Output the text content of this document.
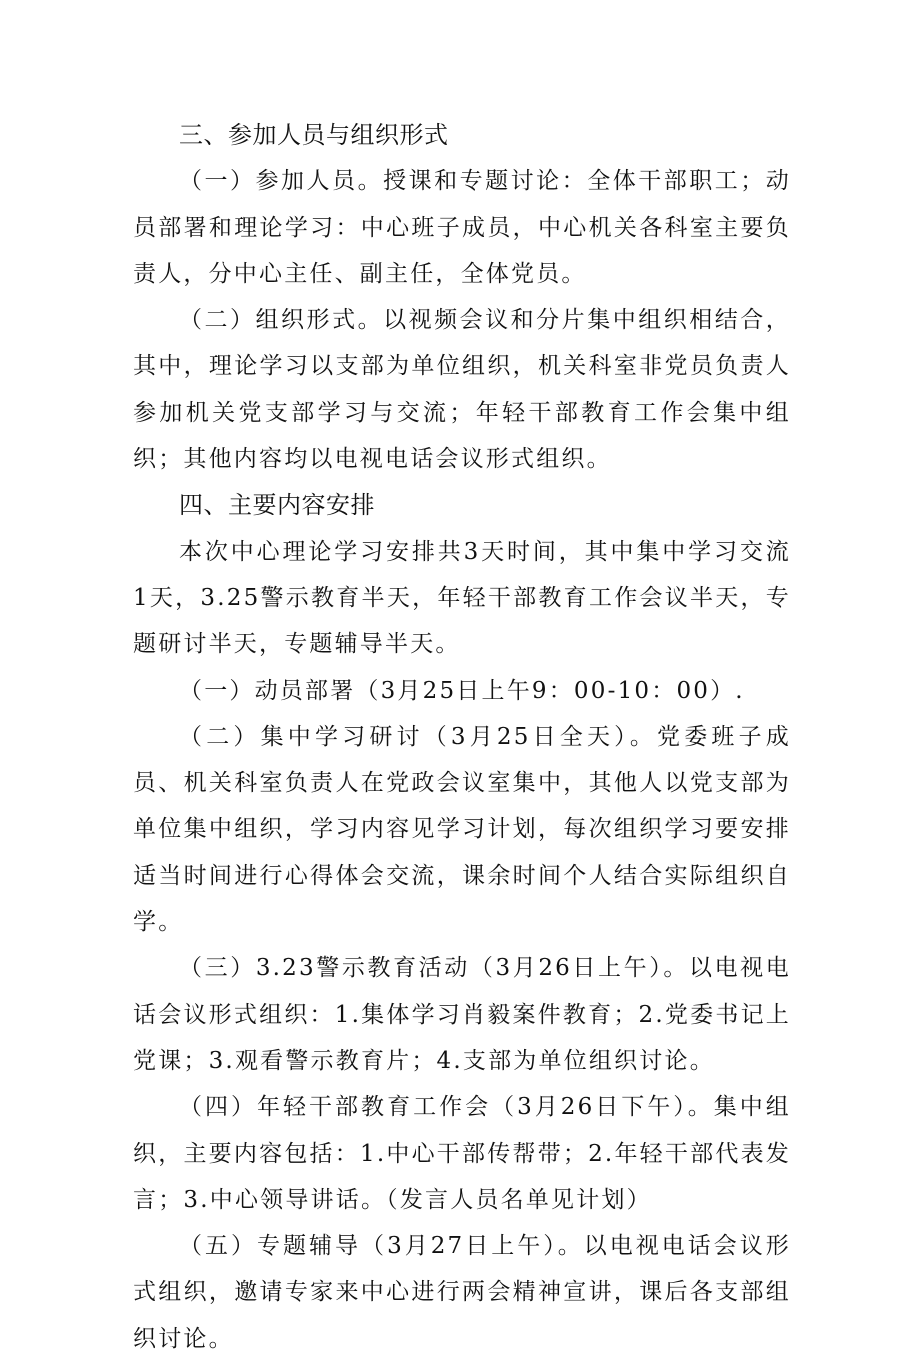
三、参加人员与组织形式

（一）参加人员。授课和专题讨论：全体干部职工；动员部署和理论学习：中心班子成员，中心机关各科室主要负责人，分中心主任、副主任，全体党员。

（二）组织形式。以视频会议和分片集中组织相结合，其中，理论学习以支部为单位组织，机关科室非党员负责人参加机关党支部学习与交流；年轻干部教育工作会集中组织；其他内容均以电视电话会议形式组织。

四、主要内容安排

本次中心理论学习安排共3天时间，其中集中学习交流1天，3.25警示教育半天，年轻干部教育工作会议半天，专题研讨半天，专题辅导半天。

（一）动员部署（3月25日上午9：00-10：00）.

（二）集中学习研讨（3月25日全天）。党委班子成员、机关科室负责人在党政会议室集中，其他人以党支部为单位集中组织，学习内容见学习计划，每次组织学习要安排适当时间进行心得体会交流，课余时间个人结合实际组织自学。

（三）3.23警示教育活动（3月26日上午）。以电视电话会议形式组织：1.集体学习肖毅案件教育；2.党委书记上党课；3.观看警示教育片；4.支部为单位组织讨论。

（四）年轻干部教育工作会（3月26日下午）。集中组织，主要内容包括：1.中心干部传帮带；2.年轻干部代表发言；3.中心领导讲话。（发言人员名单见计划）

（五）专题辅导（3月27日上午）。以电视电话会议形式组织，邀请专家来中心进行两会精神宣讲，课后各支部组织讨论。
